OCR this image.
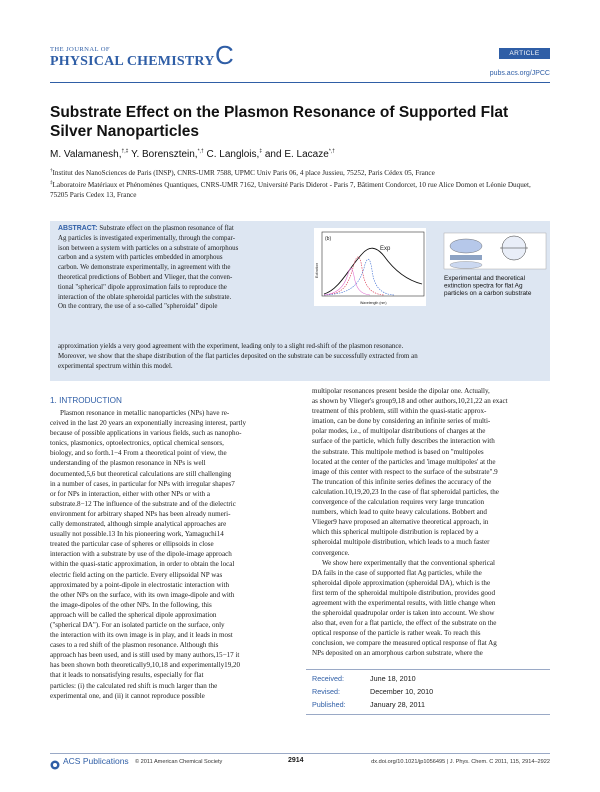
THE JOURNAL OF
PHYSICAL CHEMISTRY C	ARTICLE
pubs.acs.org/JPCC
Substrate Effect on the Plasmon Resonance of Supported Flat Silver Nanoparticles
M. Valamanesh,†,‡ Y. Borensztein,*,† C. Langlois,‡ and E. Lacaze*,†
†Institut des NanoSciences de Paris (INSP), CNRS-UMR 7588, UPMC Univ Paris 06, 4 place Jussieu, 75252, Paris Cédex 05, France
‡Laboratoire Matériaux et Phénomènes Quantiques, CNRS-UMR 7162, Université Paris Diderot - Paris 7, Bâtiment Condorcet, 10 rue Alice Domon et Léonie Duquet, 75205 Paris Cedex 13, France
ABSTRACT: Substrate effect on the plasmon resonance of flat
Ag particles is investigated experimentally, through the compar-
ison between a system with particles on a substrate of amorphous
carbon and a system with particles embedded in amorphous
carbon. We demonstrate experimentally, in agreement with the
theoretical predictions of Bobbert and Vlieger, that the conven-
tional "spherical" dipole approximation fails to reproduce the
interaction of the oblate spheroidal particles with the substrate.
On the contrary, the use of a so-called "spheroidal" dipole
approximation yields a very good agreement with the experiment, leading only to a slight red-shift of the plasmon resonance.
Moreover, we show that the shape distribution of the flat particles deposited on the substrate can be successfully extracted from an
experimental spectrum within this model.
(b)
Exp
Wavelength (nm)
Extinction
Experimental and theoretical extinction spectra for flat Ag particles on a carbon substrate
1. INTRODUCTION
Plasmon resonance in metallic nanoparticles (NPs) have re-
ceived in the last 20 years an exponentially increasing interest, partly
because of possible applications in various fields, such as nanopho-
tonics, plasmonics, optoelectronics, optical chemical sensors,
biology, and so forth.1−4 From a theoretical point of view, the
understanding of the plasmon resonance in NPs is well
documented,5,6 but theoretical calculations are still challenging
in a number of cases, in particular for NPs with irregular shapes7
or for NPs in interaction, either with other NPs or with a
substrate.8−12 The influence of the substrate and of the dielectric
environment for arbitrary shaped NPs has been already numeri-
cally demonstrated, although simple analytical approaches are
usually not possible.13 In his pioneering work, Yamaguchi14
treated the particular case of spheres or ellipsoids in close
interaction with a substrate by use of the dipole-image approach
within the quasi-static approximation, in order to obtain the local
electric field acting on the particle. Every ellipsoidal NP was
approximated by a point-dipole in electrostatic interaction with
the other NPs on the surface, with its own image-dipole and with
the image-dipoles of the other NPs. In the following, this
approach will be called the spherical dipole approximation
("spherical DA"). For an isolated particle on the surface, only
the interaction with its own image is in play, and it leads in most
cases to a red shift of the plasmon resonance. Although this
approach has been used, and is still used by many authors,15−17 it
has been shown both theoretically9,10,18 and experimentally19,20
that it leads to nonsatisfying results, especially for flat
particles: (i) the calculated red shift is much larger than the
experimental one, and (ii) it cannot reproduce possible
multipolar resonances present beside the dipolar one. Actually,
as shown by Vlieger's group9,18 and other authors,10,21,22 an exact
treatment of this problem, still within the quasi-static approx-
imation, can be done by considering an infinite series of multi-
polar modes, i.e., of multipolar distributions of charges at the
surface of the particle, which fully describes the interaction with
the substrate. This multipole method is based on "multipoles
located at the center of the particles and 'image multipoles' at the
image of this center with respect to the surface of the substrate".9
The truncation of this infinite series defines the accuracy of the
calculation.10,19,20,23 In the case of flat spheroidal particles, the
convergence of the calculation requires very large truncation
numbers, which lead to quite heavy calculations. Bobbert and
Vlieger9 have proposed an alternative theoretical approach, in
which this spherical multipole distribution is replaced by a
spheroidal multipole distribution, which leads to a much faster
convergence.
We show here experimentally that the conventional spherical
DA fails in the case of supported flat Ag particles, while the
spheroidal dipole approximation (spheroidal DA), which is the
first term of the spheroidal multipole distribution, provides good
agreement with the experimental results, with little change when
the spheroidal quadrupolar order is taken into account. We show
also that, even for a flat particle, the effect of the substrate on the
optical response of the particle is rather weak. To reach this
conclusion, we compare the measured optical response of flat Ag
NPs deposited on an amorphous carbon substrate, where the
Received:	June 18, 2010
Revised:	December 10, 2010
Published:	January 28, 2011
ACS Publications © 2011 American Chemical Society	2914	dx.doi.org/10.1021/jp1056495 | J. Phys. Chem. C 2011, 115, 2914–2922
